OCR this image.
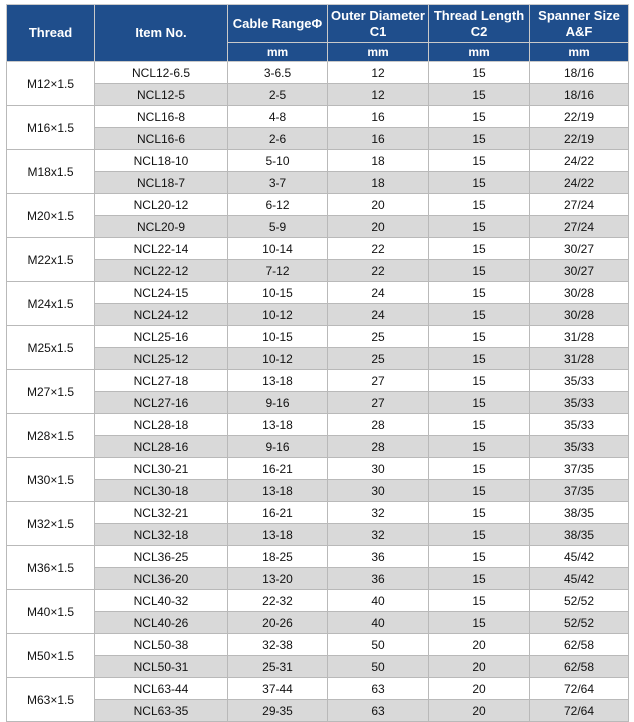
Thread	Item No.	Cable RangeΦ	Outer Diameter C1	Thread Length C2	Spanner Size A&F
		mm	mm	mm	mm
M12×1.5	NCL12-6.5	3-6.5	12	15	18/16
	NCL12-5	2-5	12	15	18/16
M16×1.5	NCL16-8	4-8	16	15	22/19
	NCL16-6	2-6	16	15	22/19
M18x1.5	NCL18-10	5-10	18	15	24/22
	NCL18-7	3-7	18	15	24/22
M20×1.5	NCL20-12	6-12	20	15	27/24
	NCL20-9	5-9	20	15	27/24
M22x1.5	NCL22-14	10-14	22	15	30/27
	NCL22-12	7-12	22	15	30/27
M24x1.5	NCL24-15	10-15	24	15	30/28
	NCL24-12	10-12	24	15	30/28
M25x1.5	NCL25-16	10-15	25	15	31/28
	NCL25-12	10-12	25	15	31/28
M27×1.5	NCL27-18	13-18	27	15	35/33
	NCL27-16	9-16	27	15	35/33
M28×1.5	NCL28-18	13-18	28	15	35/33
	NCL28-16	9-16	28	15	35/33
M30×1.5	NCL30-21	16-21	30	15	37/35
	NCL30-18	13-18	30	15	37/35
M32×1.5	NCL32-21	16-21	32	15	38/35
	NCL32-18	13-18	32	15	38/35
M36×1.5	NCL36-25	18-25	36	15	45/42
	NCL36-20	13-20	36	15	45/42
M40×1.5	NCL40-32	22-32	40	15	52/52
	NCL40-26	20-26	40	15	52/52
M50×1.5	NCL50-38	32-38	50	20	62/58
	NCL50-31	25-31	50	20	62/58
M63×1.5	NCL63-44	37-44	63	20	72/64
	NCL63-35	29-35	63	20	72/64
